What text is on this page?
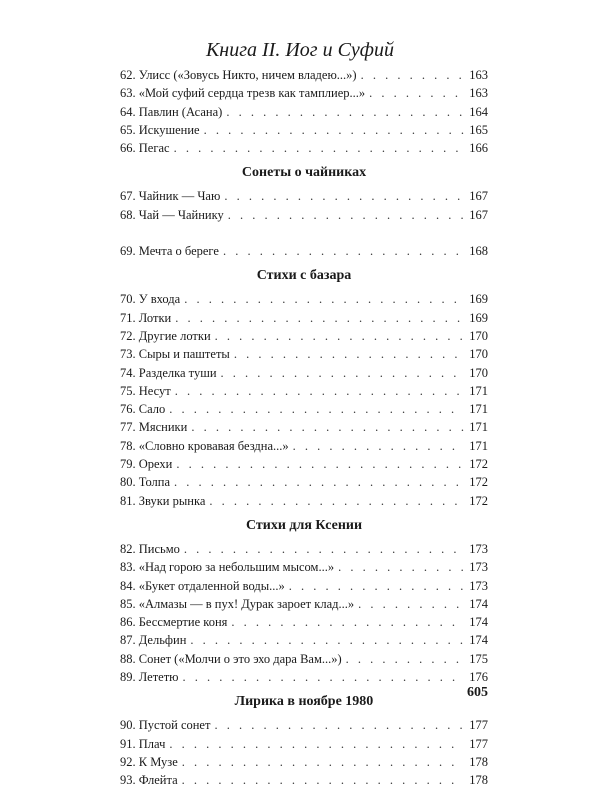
Книга II. Иог и Суфий
62. Улисс («Зовусь Никто, ничем владею...») . . .	163
63. «Мой суфий сердца трезв как тамплиер...» . . .	163
64. Павлин (Асана) . . .	164
65. Искушение . . .	165
66. Пегас . . .	166
Сонеты о чайниках
67. Чайник — Чаю . . .	167
68. Чай — Чайнику . . .	167
69. Мечта о береге . . .	168
Стихи с базара
70. У входа . . .	169
71. Лотки . . .	169
72. Другие лотки . . .	170
73. Сыры и паштеты . . .	170
74. Разделка туши . . .	170
75. Несут . . .	171
76. Сало . . .	171
77. Мясники . . .	171
78. «Словно кровавая бездна...» . . .	171
79. Орехи . . .	172
80. Толпа . . .	172
81. Звуки рынка . . .	172
Стихи для Ксении
82. Письмо . . .	173
83. «Над горою за небольшим мысом...» . . .	173
84. «Букет отдаленной воды...» . . .	173
85. «Алмазы — в пух! Дурак зароет клад...» . . .	174
86. Бессмертие коня . . .	174
87. Дельфин . . .	174
88. Сонет («Молчи о это эхо дара Вам...») . . .	175
89. Лететю . . .	176
Лирика в ноябре 1980
90. Пустой сонет . . .	177
91. Плач . . .	177
92. К Музе . . .	178
93. Флейта . . .	178
605
